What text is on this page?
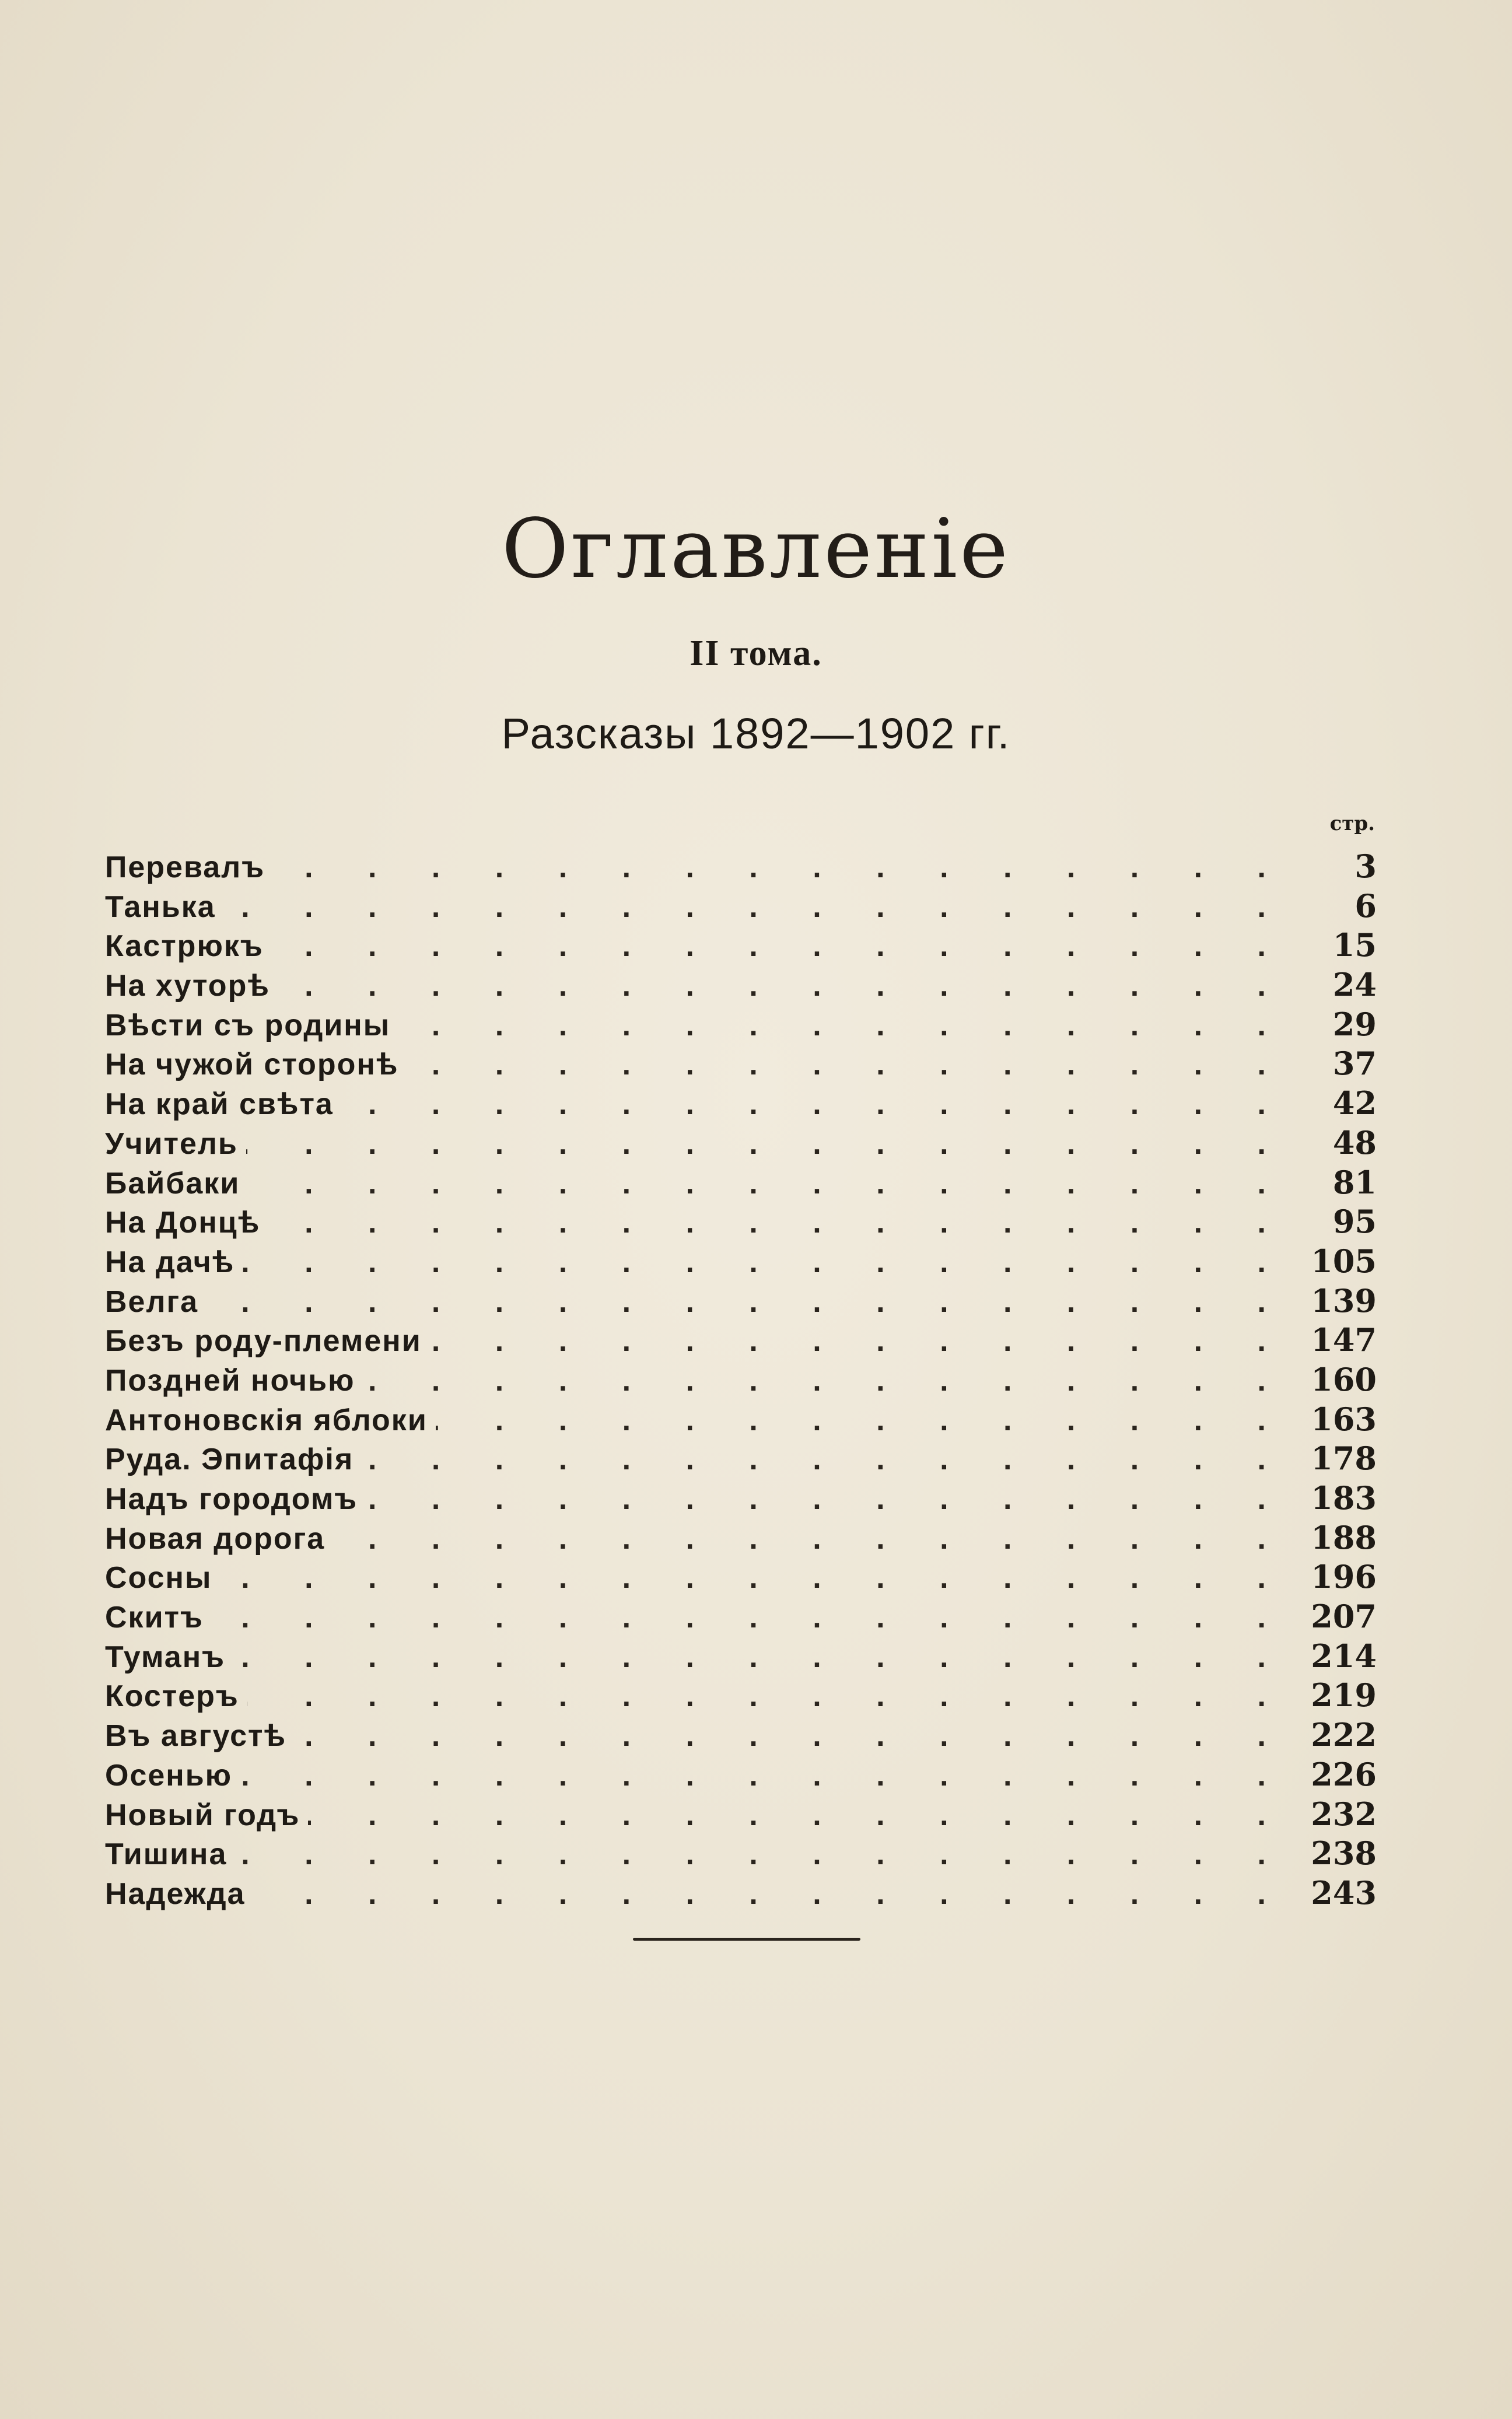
Оглавленіе
II тома.
Разсказы 1892—1902 гг.
стр.
Перевалъ . . .	3
Танька . . .	6
Кастрюкъ . . .	15
На хуторѣ . . .	24
Вѣсти съ родины . . .	29
На чужой сторонѣ . . .	37
На край свѣта . . .	42
Учитель . . .	48
Байбаки . . .	81
На Донцѣ . . .	95
На дачѣ . . .	105
Велга . . .	139
Безъ роду-племени . . .	147
Поздней ночью . . .	160
Антоновскія яблоки . . .	163
Руда. Эпитафія . . .	178
Надъ городомъ . . .	183
Новая дорога . . .	188
Сосны . . .	196
Скитъ . . .	207
Туманъ . . .	214
Костеръ . . .	219
Въ августѣ . . .	222
Осенью . . .	226
Новый годъ . . .	232
Тишина . . .	238
Надежда . . .	243
